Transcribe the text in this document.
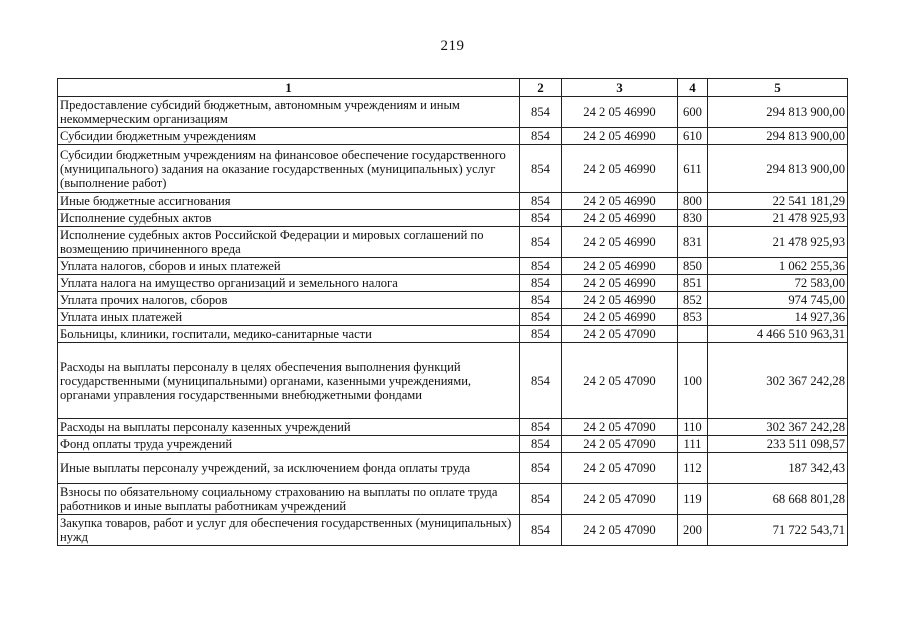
219
1	2	3	4	5
Предоставление субсидий бюджетным, автономным учреждениям и иным некоммерческим организациям	854	24 2 05 46990	600	294 813 900,00
Субсидии бюджетным учреждениям	854	24 2 05 46990	610	294 813 900,00
Субсидии бюджетным учреждениям на финансовое обеспечение государственного (муниципального) задания на оказание государственных (муниципальных) услуг (выполнение работ)	854	24 2 05 46990	611	294 813 900,00
Иные бюджетные ассигнования	854	24 2 05 46990	800	22 541 181,29
Исполнение судебных актов	854	24 2 05 46990	830	21 478 925,93
Исполнение судебных актов Российской Федерации и мировых соглашений по возмещению причиненного вреда	854	24 2 05 46990	831	21 478 925,93
Уплата налогов, сборов и иных платежей	854	24 2 05 46990	850	1 062 255,36
Уплата налога на имущество организаций и земельного налога	854	24 2 05 46990	851	72 583,00
Уплата прочих налогов, сборов	854	24 2 05 46990	852	974 745,00
Уплата иных платежей	854	24 2 05 46990	853	14 927,36
Больницы, клиники, госпитали, медико-санитарные части	854	24 2 05 47090		4 466 510 963,31
Расходы на выплаты персоналу в целях обеспечения выполнения функций государственными (муниципальными) органами, казенными учреждениями, органами управления государственными внебюджетными фондами	854	24 2 05 47090	100	302 367 242,28
Расходы на выплаты персоналу казенных учреждений	854	24 2 05 47090	110	302 367 242,28
Фонд оплаты труда учреждений	854	24 2 05 47090	111	233 511 098,57
Иные выплаты персоналу учреждений, за исключением фонда оплаты труда	854	24 2 05 47090	112	187 342,43
Взносы по обязательному социальному страхованию на выплаты по оплате труда работников и иные выплаты работникам учреждений	854	24 2 05 47090	119	68 668 801,28
Закупка товаров, работ и услуг для обеспечения государственных (муниципальных) нужд	854	24 2 05 47090	200	71 722 543,71
